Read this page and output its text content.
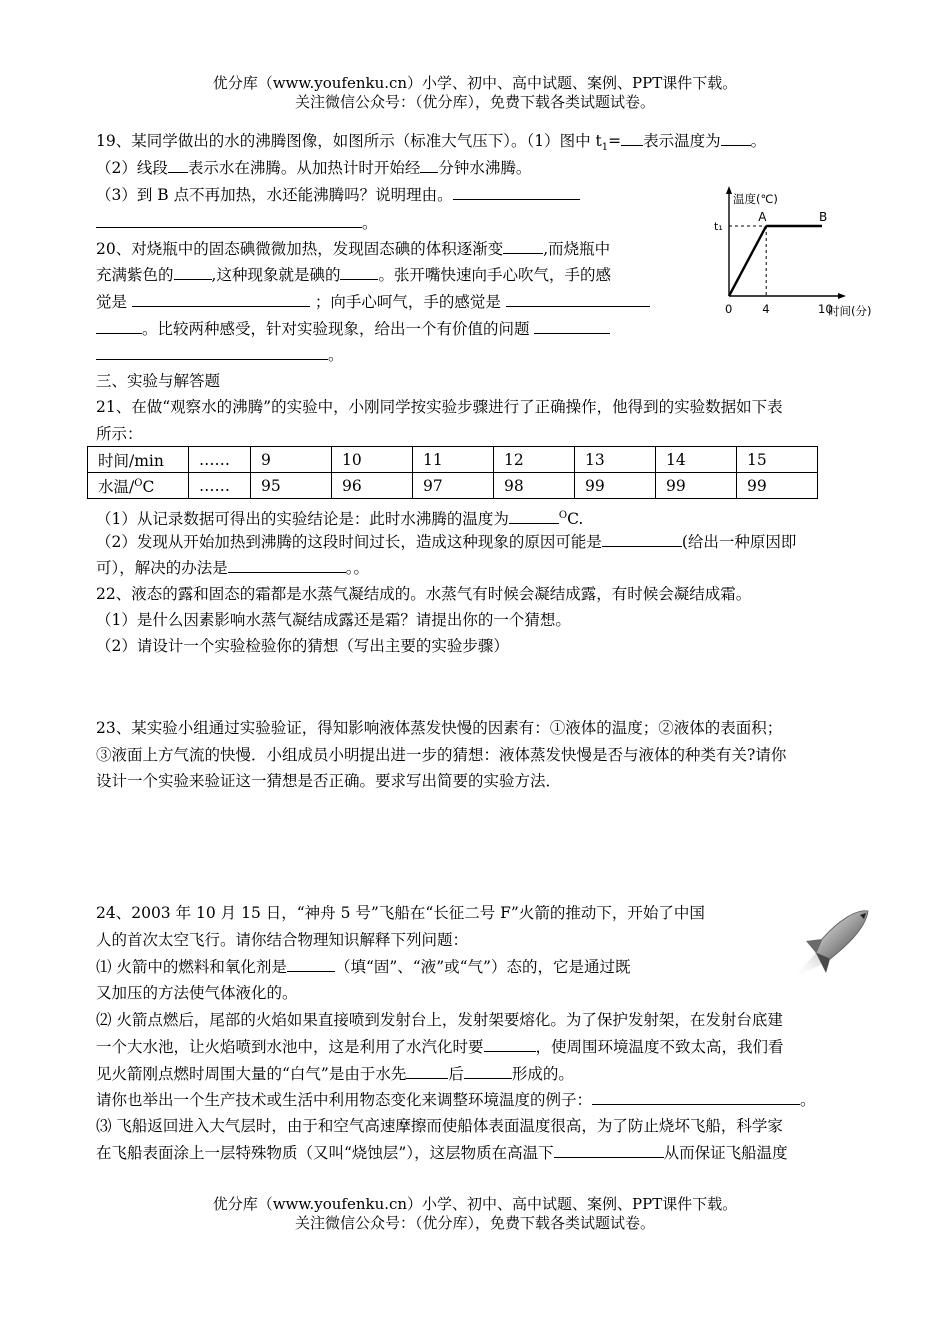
优分库（www.youfenku.cn）小学、初中、高中试题、案例、PPT课件下载。
关注微信公众号：（优分库），免费下载各类试题试卷。
19、某同学做出的水的沸腾图像，如图所示（标准大气压下）。（1）图中 $t_1=$ 表示温度为 。
（2）线段 表示水在沸腾。从加热计时开始经 分钟水沸腾。
（3）到 B 点不再加热，水还能沸腾吗？说明理由。
。
20、对烧瓶中的固态碘微微加热，发现固态碘的体积逐渐变	,而烧瓶中
充满紫色的 ,这种现象就是碘的 。张开嘴快速向手心吹气，手的感
觉是	；向手心呵气，手的感觉是
。比较两种感受，针对实验现象，给出一个有价值的问题
。
温度(℃)
时间(分)
A	B
t₁
0	4	10
三、实验与解答题
21、在做“观察水的沸腾”的实验中，小刚同学按实验步骤进行了正确操作，他得到的实验数据如下表
所示：
时间/min	……	9	10	11	12	13	14	15
水温/$^O$C	……	95	96	97	98	99	99	99
（1）从记录数据可得出的实验结论是：此时水沸腾的温度为	$^O$C.
（2）发现从开始加热到沸腾的这段时间过长，造成这种现象的原因可能是	(给出一种原因即
可），解决的办法是	。。
22、液态的露和固态的霜都是水蒸气凝结成的。水蒸气有时候会凝结成露，有时候会凝结成霜。
（1）是什么因素影响水蒸气凝结成露还是霜？请提出你的一个猜想。
（2）请设计一个实验检验你的猜想（写出主要的实验步骤）
23、某实验小组通过实验验证，得知影响液体蒸发快慢的因素有：①液体的温度；②液体的表面积；
③液面上方气流的快慢．小组成员小明提出进一步的猜想：液体蒸发快慢是否与液体的种类有关?请你
设计一个实验来验证这一猜想是否正确。要求写出简要的实验方法．
24、2003 年 10 月 15 日，“神舟 5 号”飞船在“长征二号 F”火箭的推动下，开始了中国
人的首次太空飞行。请你结合物理知识解释下列问题：
⑴ 火箭中的燃料和氧化剂是	（填“固”、“液”或“气”）态的，它是通过既
又加压的方法使气体液化的。
⑵ 火箭点燃后，尾部的火焰如果直接喷到发射台上，发射架要熔化。为了保护发射架，在发射台底建
一个大水池，让火焰喷到水池中，这是利用了水汽化时要	，使周围环境温度不致太高，我们看
见火箭刚点燃时周围大量的“白气”是由于水先	后	形成的。
请你也举出一个生产技术或生活中利用物态变化来调整环境温度的例子：	。
⑶ 飞船返回进入大气层时，由于和空气高速摩擦而使船体表面温度很高，为了防止烧坏飞船，科学家
在飞船表面涂上一层特殊物质（又叫“烧蚀层”），这层物质在高温下	从而保证飞船温度
优分库（www.youfenku.cn）小学、初中、高中试题、案例、PPT课件下载。
关注微信公众号：（优分库），免费下载各类试题试卷。
